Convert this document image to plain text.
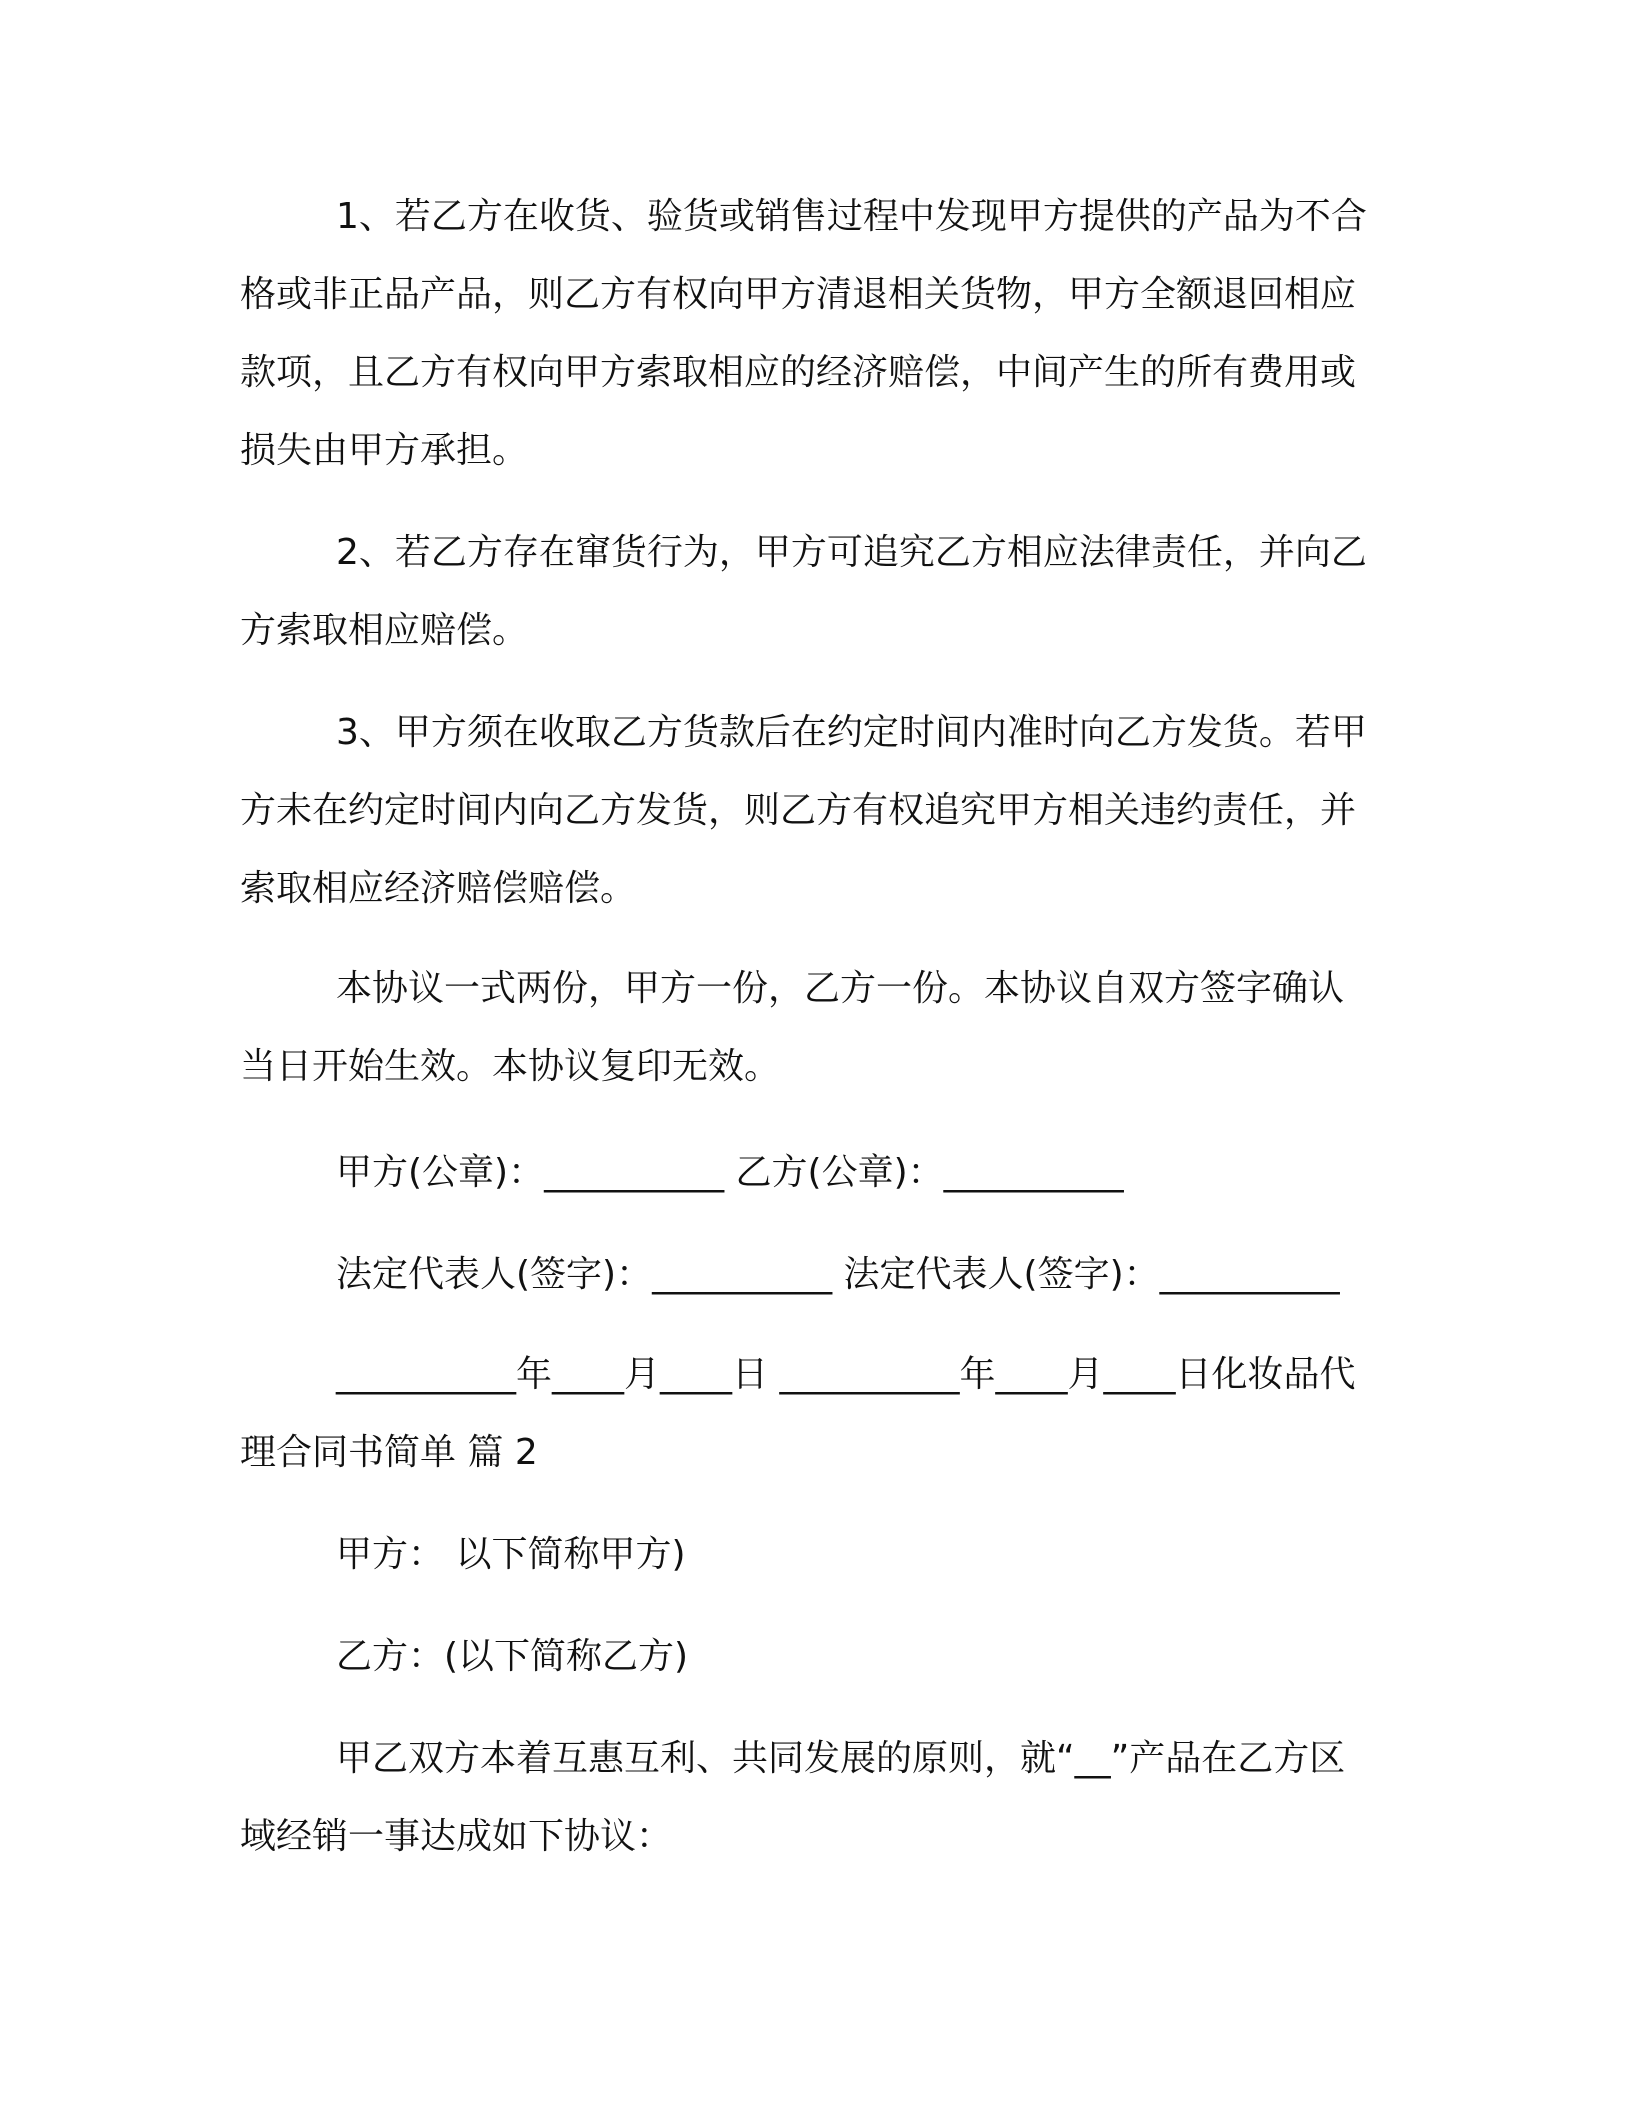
1、若乙方在收货、验货或销售过程中发现甲方提供的产品为不合格或非正品产品，则乙方有权向甲方清退相关货物，甲方全额退回相应款项，且乙方有权向甲方索取相应的经济赔偿，中间产生的所有费用或损失由甲方承担。

2、若乙方存在窜货行为，甲方可追究乙方相应法律责任，并向乙方索取相应赔偿。

3、甲方须在收取乙方货款后在约定时间内准时向乙方发货。若甲方未在约定时间内向乙方发货，则乙方有权追究甲方相关违约责任，并索取相应经济赔偿赔偿。

本协议一式两份，甲方一份，乙方一份。本协议自双方签字确认当日开始生效。本协议复印无效。

甲方(公章)：__________ 乙方(公章)：__________

法定代表人(签字)：__________ 法定代表人(签字)：__________

__________年____月____日 __________年____月____日化妆品代理合同书简单 篇 2

甲方： 以下简称甲方)

乙方：(以下简称乙方)

甲乙双方本着互惠互利、共同发展的原则，就“__”产品在乙方区域经销一事达成如下协议：
